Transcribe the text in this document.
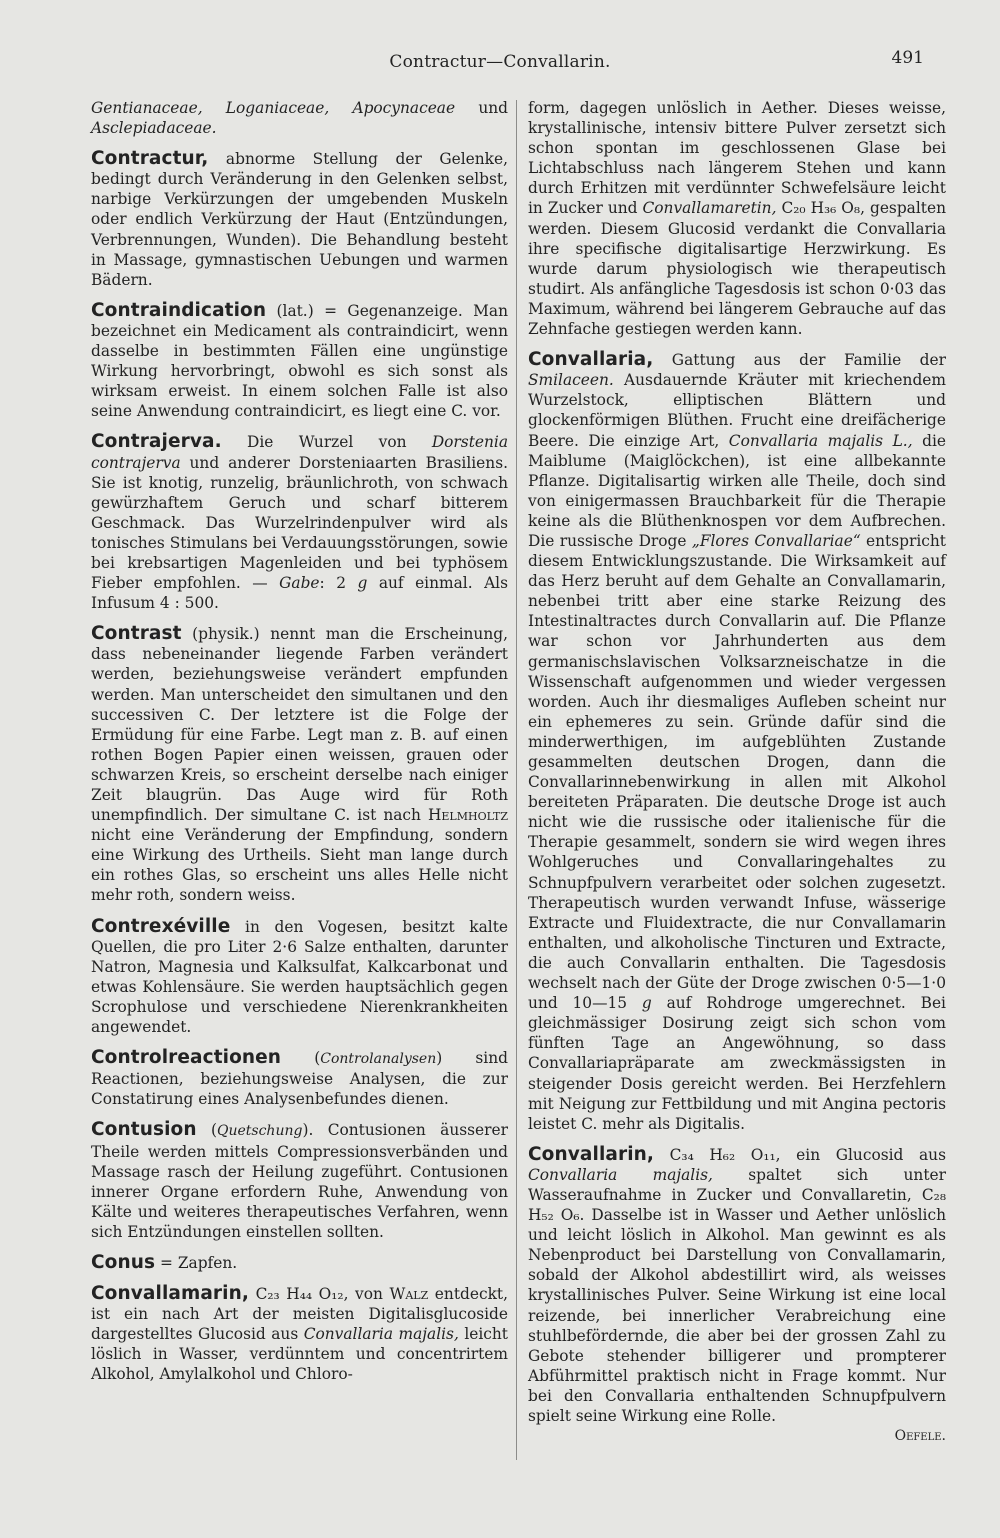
Contractur—Convallarin.	491

Gentianaceae, Loganiaceae, Apocynaceae und Asclepiadaceae.

Contractur, abnorme Stellung der Gelenke, bedingt durch Veränderung in den Gelenken selbst, narbige Verkürzungen der umgebenden Muskeln oder endlich Verkürzung der Haut (Entzündungen, Verbrennungen, Wunden). Die Behandlung besteht in Massage, gymnastischen Uebungen und warmen Bädern.

Contraindication (lat.) = Gegenanzeige. Man bezeichnet ein Medicament als contraindicirt, wenn dasselbe in bestimmten Fällen eine ungünstige Wirkung hervorbringt, obwohl es sich sonst als wirksam erweist. In einem solchen Falle ist also seine Anwendung contraindicirt, es liegt eine C. vor.

Contrajerva. Die Wurzel von Dorstenia contrajerva und anderer Dorsteniaarten Brasiliens. Sie ist knotig, runzelig, bräunlichroth, von schwach gewürzhaftem Geruch und scharf bitterem Geschmack. Das Wurzelrindenpulver wird als tonisches Stimulans bei Verdauungsstörungen, sowie bei krebsartigen Magenleiden und bei typhösem Fieber empfohlen. — Gabe: 2 g auf einmal. Als Infusum 4 : 500.

Contrast (physik.) nennt man die Erscheinung, dass nebeneinander liegende Farben verändert werden, beziehungsweise verändert empfunden werden. Man unterscheidet den simultanen und den successiven C. Der letztere ist die Folge der Ermüdung für eine Farbe. Legt man z. B. auf einen rothen Bogen Papier einen weissen, grauen oder schwarzen Kreis, so erscheint derselbe nach einiger Zeit blaugrün. Das Auge wird für Roth unempfindlich. Der simultane C. ist nach Helmholtz nicht eine Veränderung der Empfindung, sondern eine Wirkung des Urtheils. Sieht man lange durch ein rothes Glas, so erscheint uns alles Helle nicht mehr roth, sondern weiss.

Contrexéville in den Vogesen, besitzt kalte Quellen, die pro Liter 2·6 Salze enthalten, darunter Natron, Magnesia und Kalksulfat, Kalkcarbonat und etwas Kohlensäure. Sie werden hauptsächlich gegen Scrophulose und verschiedene Nierenkrankheiten angewendet.

Controlreactionen (Controlanalysen) sind Reactionen, beziehungsweise Analysen, die zur Constatirung eines Analysenbefundes dienen.

Contusion (Quetschung). Contusionen äusserer Theile werden mittels Compressionsverbänden und Massage rasch der Heilung zugeführt. Contusionen innerer Organe erfordern Ruhe, Anwendung von Kälte und weiteres therapeutisches Verfahren, wenn sich Entzündungen einstellen sollten.

Conus = Zapfen.

Convallamarin, C₂₃ H₄₄ O₁₂, von Walz entdeckt, ist ein nach Art der meisten Digitalisglucoside dargestelltes Glucosid aus Convallaria majalis, leicht löslich in Wasser, verdünntem und concentrirtem Alkohol, Amylalkohol und Chloro-

form, dagegen unlöslich in Aether. Dieses weisse, krystallinische, intensiv bittere Pulver zersetzt sich schon spontan im geschlossenen Glase bei Lichtabschluss nach längerem Stehen und kann durch Erhitzen mit verdünnter Schwefelsäure leicht in Zucker und Convallamaretin, C₂₀ H₃₆ O₈, gespalten werden. Diesem Glucosid verdankt die Convallaria ihre specifische digitalisartige Herzwirkung. Es wurde darum physiologisch wie therapeutisch studirt. Als anfängliche Tagesdosis ist schon 0·03 das Maximum, während bei längerem Gebrauche auf das Zehnfache gestiegen werden kann.

Convallaria, Gattung aus der Familie der Smilaceen. Ausdauernde Kräuter mit kriechendem Wurzelstock, elliptischen Blättern und glockenförmigen Blüthen. Frucht eine dreifächerige Beere. Die einzige Art, Convallaria majalis L., die Maiblume (Maiglöckchen), ist eine allbekannte Pflanze. Digitalisartig wirken alle Theile, doch sind von einigermassen Brauchbarkeit für die Therapie keine als die Blüthenknospen vor dem Aufbrechen. Die russische Droge „Flores Convallariae“ entspricht diesem Entwicklungszustande. Die Wirksamkeit auf das Herz beruht auf dem Gehalte an Convallamarin, nebenbei tritt aber eine starke Reizung des Intestinaltractes durch Convallarin auf. Die Pflanze war schon vor Jahrhunderten aus dem germanischslavischen Volksarzneischatze in die Wissenschaft aufgenommen und wieder vergessen worden. Auch ihr diesmaliges Aufleben scheint nur ein ephemeres zu sein. Gründe dafür sind die minderwerthigen, im aufgeblühten Zustande gesammelten deutschen Drogen, dann die Convallarinnebenwirkung in allen mit Alkohol bereiteten Präparaten. Die deutsche Droge ist auch nicht wie die russische oder italienische für die Therapie gesammelt, sondern sie wird wegen ihres Wohlgeruches und Convallaringehaltes zu Schnupfpulvern verarbeitet oder solchen zugesetzt. Therapeutisch wurden verwandt Infuse, wässerige Extracte und Fluidextracte, die nur Convallamarin enthalten, und alkoholische Tincturen und Extracte, die auch Convallarin enthalten. Die Tagesdosis wechselt nach der Güte der Droge zwischen 0·5—1·0 und 10—15 g auf Rohdroge umgerechnet. Bei gleichmässiger Dosirung zeigt sich schon vom fünften Tage an Angewöhnung, so dass Convallariapräparate am zweckmässigsten in steigender Dosis gereicht werden. Bei Herzfehlern mit Neigung zur Fettbildung und mit Angina pectoris leistet C. mehr als Digitalis.

Convallarin, C₃₄ H₆₂ O₁₁, ein Glucosid aus Convallaria majalis, spaltet sich unter Wasseraufnahme in Zucker und Convallaretin, C₂₈ H₅₂ O₆. Dasselbe ist in Wasser und Aether unlöslich und leicht löslich in Alkohol. Man gewinnt es als Nebenproduct bei Darstellung von Convallamarin, sobald der Alkohol abdestillirt wird, als weisses krystallinisches Pulver. Seine Wirkung ist eine local reizende, bei innerlicher Verabreichung eine stuhlbefördernde, die aber bei der grossen Zahl zu Gebote stehender billigerer und prompterer Abführmittel praktisch nicht in Frage kommt. Nur bei den Convallaria enthaltenden Schnupfpulvern spielt seine Wirkung eine Rolle.

Oefele.
